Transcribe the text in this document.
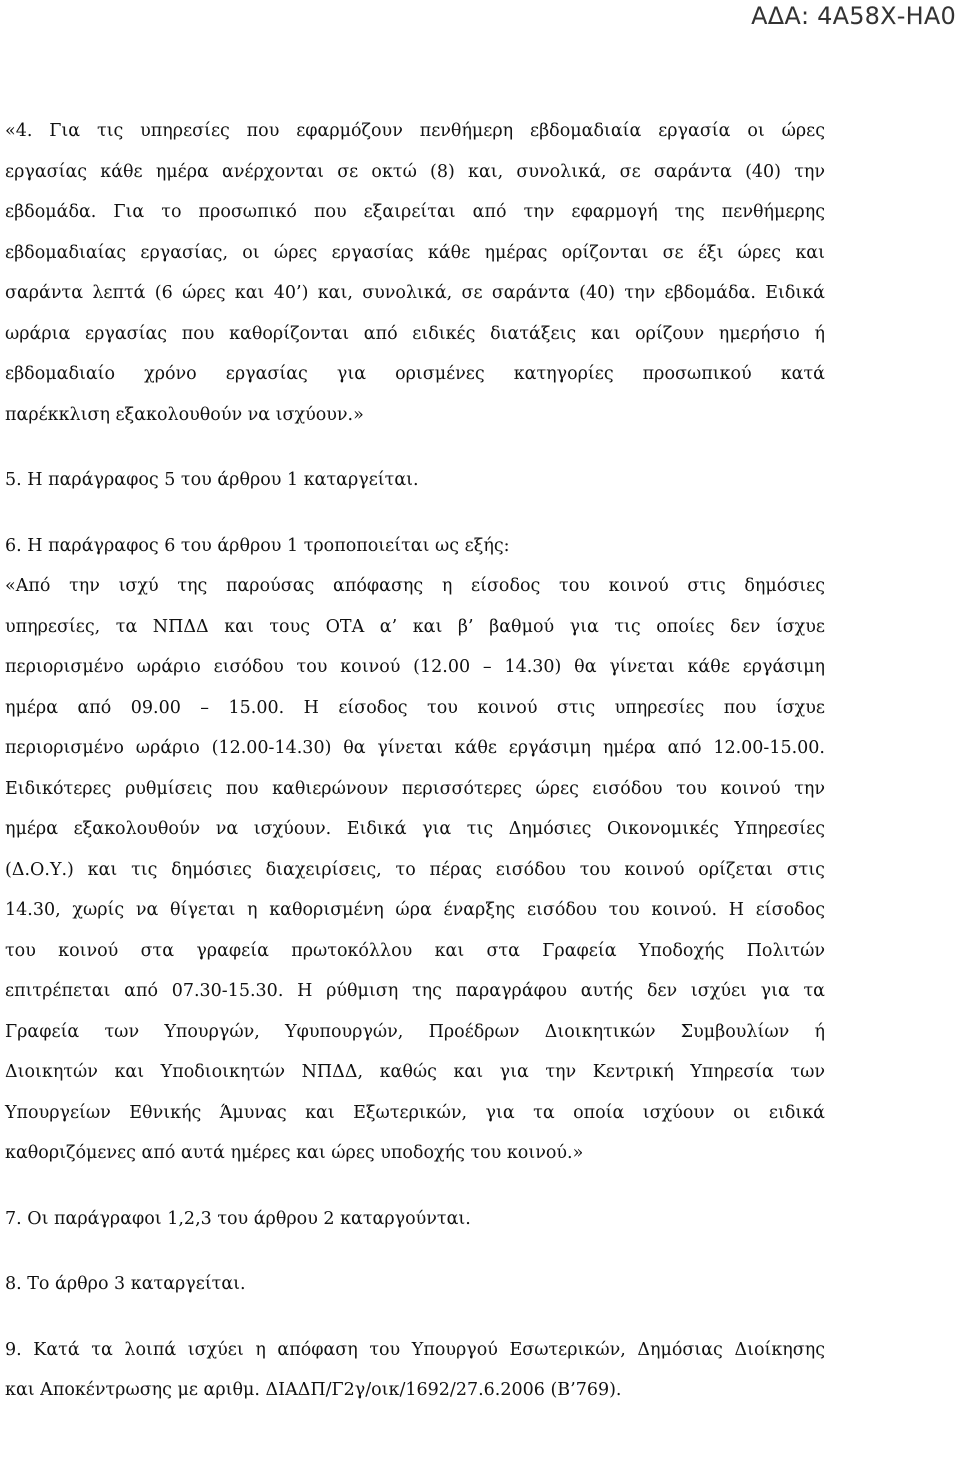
ΑΔΑ: 4Α58Χ-ΗΑ0

«4. Για τις υπηρεσίες που εφαρμόζουν πενθήμερη εβδομαδιαία εργασία οι ώρες
εργασίας κάθε ημέρα ανέρχονται σε οκτώ (8) και, συνολικά, σε σαράντα (40) την
εβδομάδα. Για το προσωπικό που εξαιρείται από την εφαρμογή της πενθήμερης
εβδομαδιαίας εργασίας, οι ώρες εργασίας κάθε ημέρας ορίζονται σε έξι ώρες και
σαράντα λεπτά (6 ώρες και 40’) και, συνολικά, σε σαράντα (40) την εβδομάδα. Ειδικά
ωράρια εργασίας που καθορίζονται από ειδικές διατάξεις και ορίζουν ημερήσιο ή
εβδομαδιαίο χρόνο εργασίας για ορισμένες κατηγορίες προσωπικού κατά
παρέκκλιση εξακολουθούν να ισχύουν.»

5. Η παράγραφος 5 του άρθρου 1 καταργείται.

6. Η παράγραφος 6 του άρθρου 1 τροποποιείται ως εξής:
«Από την ισχύ της παρούσας απόφασης η είσοδος του κοινού στις δημόσιες
υπηρεσίες, τα ΝΠΔΔ και τους ΟΤΑ α’ και β’ βαθμού για τις οποίες δεν ίσχυε
περιορισμένο ωράριο εισόδου του κοινού (12.00 – 14.30) θα γίνεται κάθε εργάσιμη
ημέρα από 09.00 – 15.00. Η είσοδος του κοινού στις υπηρεσίες που ίσχυε
περιορισμένο ωράριο (12.00-14.30) θα γίνεται κάθε εργάσιμη ημέρα από 12.00-15.00.
Ειδικότερες ρυθμίσεις που καθιερώνουν περισσότερες ώρες εισόδου του κοινού την
ημέρα εξακολουθούν να ισχύουν. Ειδικά για τις Δημόσιες Οικονομικές Υπηρεσίες
(Δ.Ο.Υ.) και τις δημόσιες διαχειρίσεις, το πέρας εισόδου του κοινού ορίζεται στις
14.30, χωρίς να θίγεται η καθορισμένη ώρα έναρξης εισόδου του κοινού. Η είσοδος
του κοινού στα γραφεία πρωτοκόλλου και στα Γραφεία Υποδοχής Πολιτών
επιτρέπεται από 07.30-15.30. Η ρύθμιση της παραγράφου αυτής δεν ισχύει για τα
Γραφεία των Υπουργών, Υφυπουργών, Προέδρων Διοικητικών Συμβουλίων ή
Διοικητών και Υποδιοικητών ΝΠΔΔ, καθώς και για την Κεντρική Υπηρεσία των
Υπουργείων Εθνικής Άμυνας και Εξωτερικών, για τα οποία ισχύουν οι ειδικά
καθοριζόμενες από αυτά ημέρες και ώρες υποδοχής του κοινού.»

7. Οι παράγραφοι 1,2,3 του άρθρου 2 καταργούνται.

8. Το άρθρο 3 καταργείται.

9. Κατά τα λοιπά ισχύει η απόφαση του Υπουργού Εσωτερικών, Δημόσιας Διοίκησης
και Αποκέντρωσης με αριθμ. ΔΙΑΔΠ/Γ2γ/οικ/1692/27.6.2006 (Β’769).
